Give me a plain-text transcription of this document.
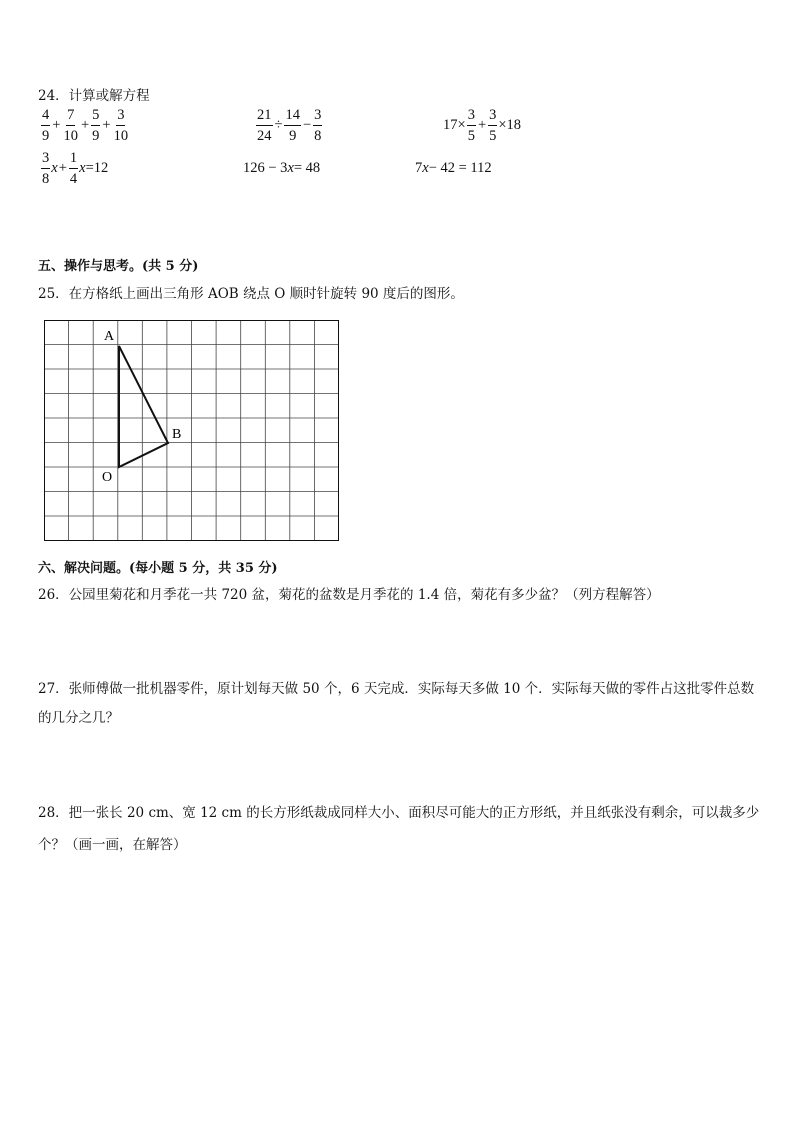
24．计算或解方程
$\frac{4}{9} + \frac{7}{10} + \frac{5}{9} + \frac{3}{10}$	$\frac{21}{24} \div \frac{14}{9} - \frac{3}{8}$	$17\times \frac{3}{5} + \frac{3}{5} \times 18$
$\frac{3}{8}$ $x + \frac{1}{4}$ x =12	126 − 3 x = 48	7 x − 42 = 112
五、操作与思考。(共 5 分)
25．在方格纸上画出三角形 AOB 绕点 O 顺时针旋转 90 度后的图形。
A
B
O
六、解决问题。(每小题 5 分，共 35 分)
26．公园里菊花和月季花一共 720 盆，菊花的盆数是月季花的 1.4 倍，菊花有多少盆？（列方程解答）
27．张师傅做一批机器零件，原计划每天做 50 个，6 天完成．实际每天多做 10 个．实际每天做的零件占这批零件总数
的几分之几？
28．把一张长 20 cm、宽 12 cm 的长方形纸裁成同样大小、面积尽可能大的正方形纸，并且纸张没有剩余，可以裁多少
个？（画一画，在解答）
